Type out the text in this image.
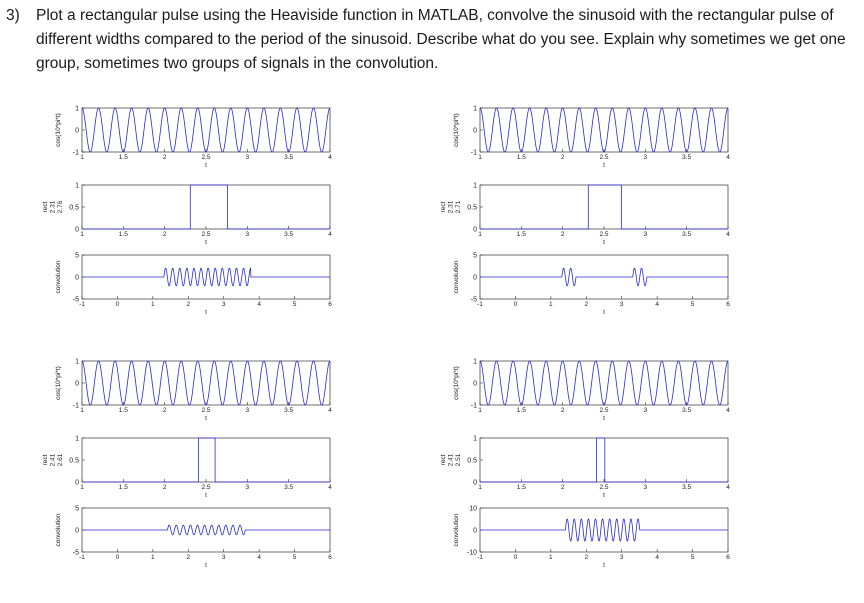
3) Plot a rectangular pulse using the Heaviside function in MATLAB, convolve the sinusoid with the rectangular pulse of different widths compared to the period of the sinusoid. Describe what do you see. Explain why sometimes we get one group, sometimes two groups of signals in the convolution.
1
0
-1
1	1.5	2	2.5	3	3.5	4
t
cos(10*pi*t)
1
0.5
0
1	1.5	2	2.5	3	3.5	4
t
rect 2.31 2.76
5
0
-5
-1	0	1	2	3	4	5	6
t
convolution
1
0
-1
1	1.5	2	2.5	3	3.5	4
t
cos(10*pi*t)
1
0.5
0
1	1.5	2	2.5	3	3.5	4
t
rect 2.31 2.71
5
0
-5
-1	0	1	2	3	4	5	6
t
convolution
1
0
-1
1	1.5	2	2.5	3	3.5	4
t
cos(10*pi*t)
1
0.5
0
1	1.5	2	2.5	3	3.5	4
t
rect 2.41 2.61
5
0
-5
-1	0	1	2	3	4	5	6
t
convolution
1
0
-1
1	1.5	2	2.5	3	3.5	4
t
cos(10*pi*t)
1
0.5
0
1	1.5	2	2.5	3	3.5	4
t
rect 2.41 2.51
10
0
-10
-1	0	1	2	3	4	5	6
t
convolution
